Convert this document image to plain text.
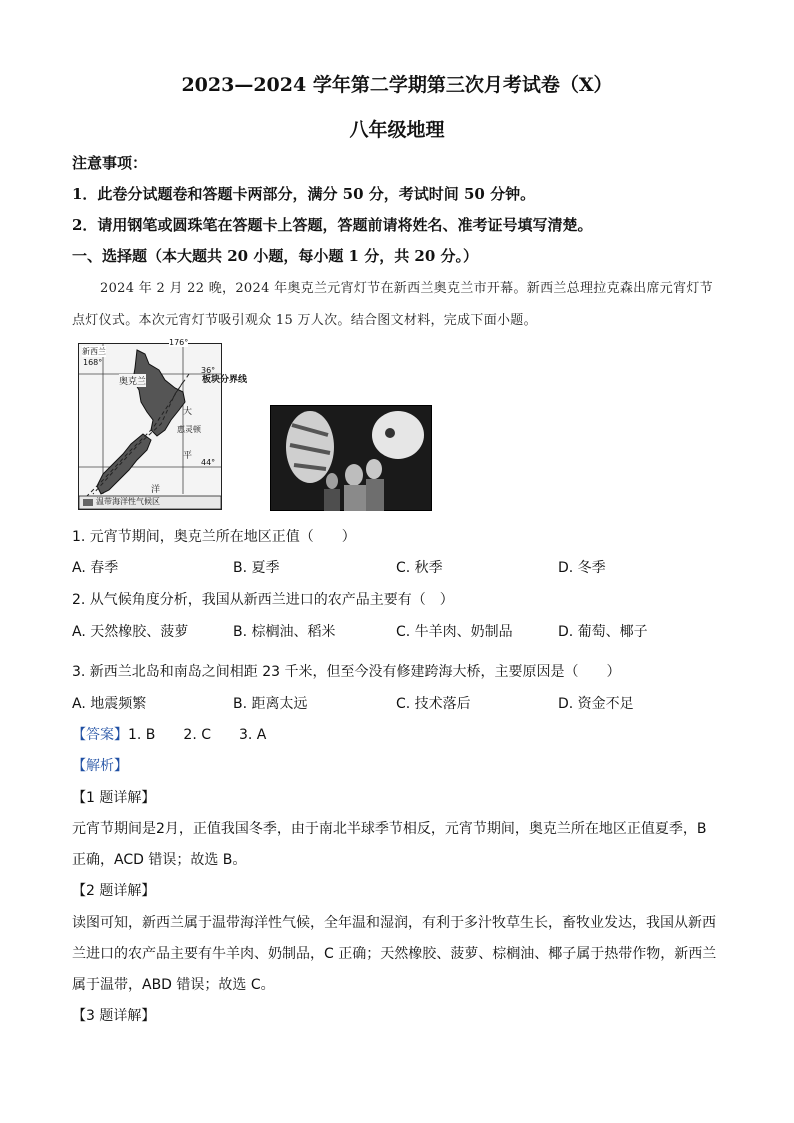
2023—2024 学年第二学期第三次月考试卷（X）
八年级地理
注意事项：
1．此卷分试题卷和答题卡两部分，满分 50 分，考试时间 50 分钟。
2．请用钢笔或圆珠笔在答题卡上答题，答题前请将姓名、准考证号填写清楚。
一、选择题（本大题共 20 小题，每小题 1 分，共 20 分。）
2024 年 2 月 22 晚，2024 年奥克兰元宵灯节在新西兰奥克兰市开幕。新西兰总理拉克森出席元宵灯节
点灯仪式。本次元宵灯节吸引观众 15 万人次。结合图文材料，完成下面小题。
新西兰
168°
176°
36°
44°
奥克兰
大
惠灵顿
平
洋
温带海洋性气候区
板块分界线
1. 元宵节期间，奥克兰所在地区正值（　　）
A. 春季	B. 夏季	C. 秋季	D. 冬季
2. 从气候角度分析，我国从新西兰进口的农产品主要有（　）
A. 天然橡胶、菠萝	B. 棕榈油、稻米	C. 牛羊肉、奶制品	D. 葡萄、椰子
3. 新西兰北岛和南岛之间相距 23 千米，但至今没有修建跨海大桥，主要原因是（　　）
A. 地震频繁	B. 距离太远	C. 技术落后	D. 资金不足
【答案】1. B　　2. C　　3. A
【解析】
【1 题详解】
元宵节期间是2月，正值我国冬季，由于南北半球季节相反，元宵节期间，奥克兰所在地区正值夏季，B
正确，ACD 错误；故选 B。
【2 题详解】
读图可知，新西兰属于温带海洋性气候，全年温和湿润，有利于多汁牧草生长，畜牧业发达，我国从新西
兰进口的农产品主要有牛羊肉、奶制品，C 正确；天然橡胶、菠萝、棕榈油、椰子属于热带作物，新西兰
属于温带，ABD 错误；故选 C。
【3 题详解】
